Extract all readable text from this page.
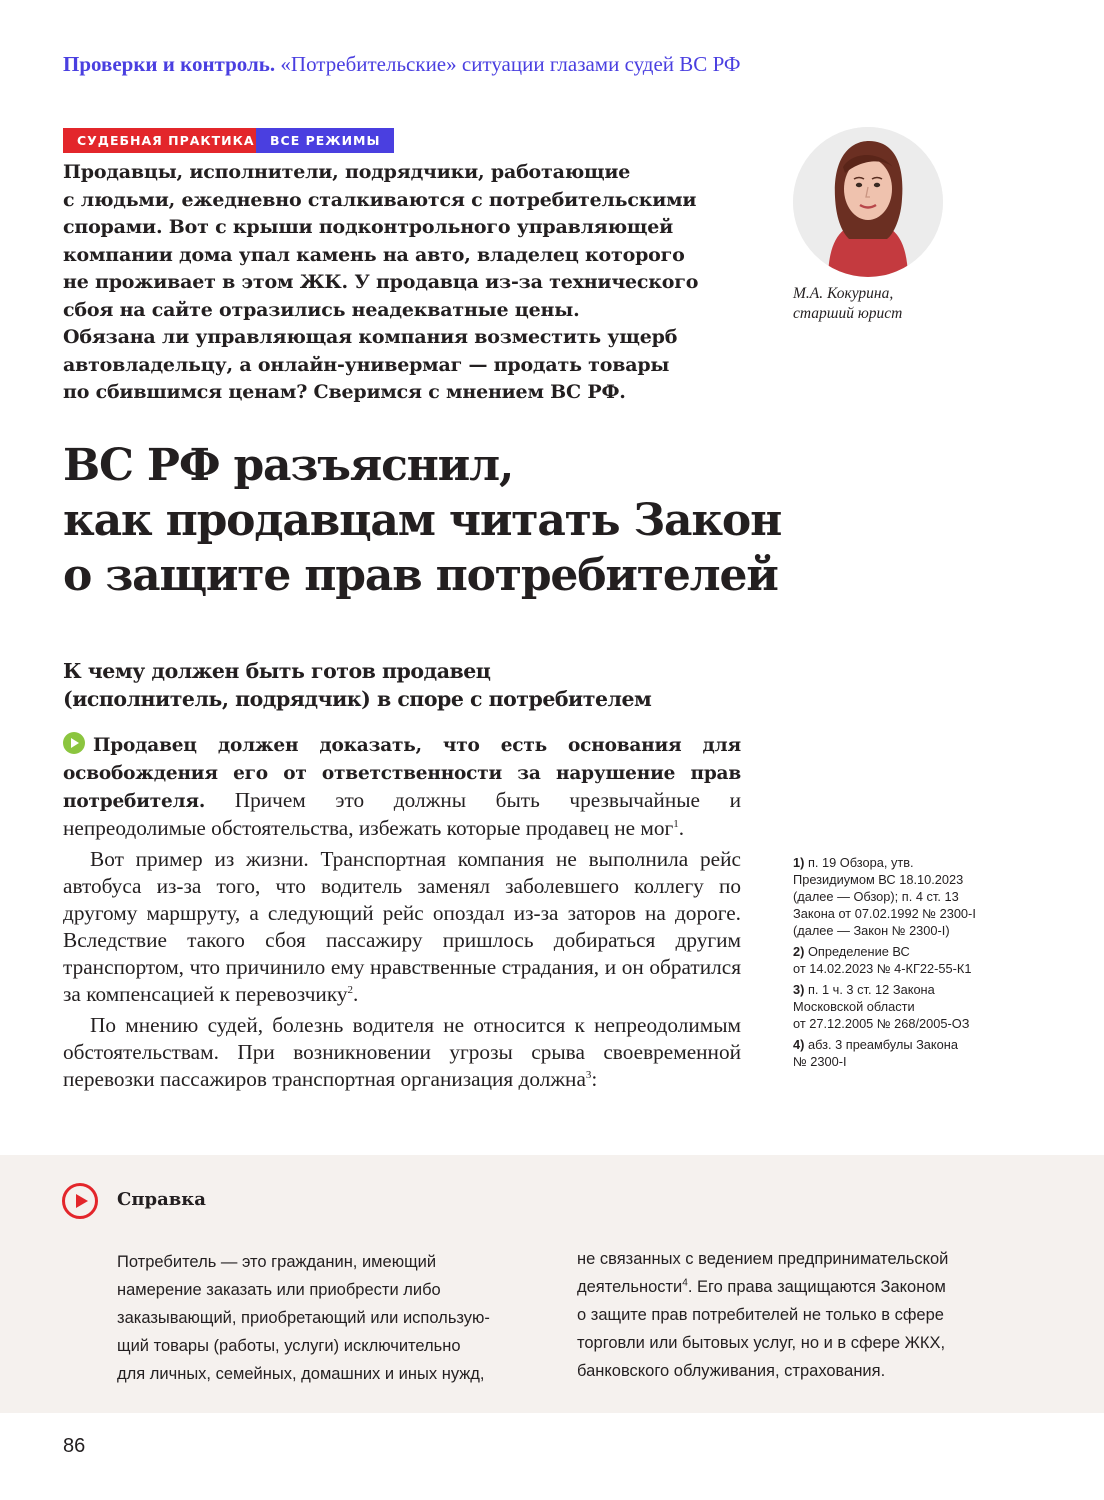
Проверки и контроль. «Потребительские» ситуации глазами судей ВС РФ
СУДЕБНАЯ ПРАКТИКА	ВСЕ РЕЖИМЫ
Продавцы, исполнители, подрядчики, работающие
с людьми, ежедневно сталкиваются с потребительскими
спорами. Вот с крыши подконтрольного управляющей
компании дома упал камень на авто, владелец которого
не проживает в этом ЖК. У продавца из-за технического
сбоя на сайте отразились неадекватные цены.
Обязана ли управляющая компания возместить ущерб
автовладельцу, а онлайн-универмаг — продать товары
по сбившимся ценам? Сверимся с мнением ВС РФ.
М.А. Кокурина,
старший юрист
ВС РФ разъяснил,
как продавцам читать Закон
о защите прав потребителей
К чему должен быть готов продавец
(исполнитель, подрядчик) в споре с потребителем

Продавец должен доказать, что есть основания для освобождения его от ответственности за нарушение прав потребителя. Причем это должны быть чрезвычайные и непреодолимые обстоятельства, избежать которые продавец не мог$^1$.

Вот пример из жизни. Транспортная компания не выполнила рейс автобуса из-за того, что водитель заменял заболевшего коллегу по другому маршруту, а следующий рейс опоздал из-за заторов на дороге. Вследствие такого сбоя пассажиру пришлось добираться другим транспортом, что причинило ему нравственные страдания, и он обратился за компенсацией к перевозчику$^2$.

По мнению судей, болезнь водителя не относится к непреодолимым обстоятельствам. При возникновении угрозы срыва своевременной перевозки пассажиров транспортная организация должна$^3$:

1) п. 19 Обзора, утв.
Президиумом ВС 18.10.2023
(далее — Обзор); п. 4 ст. 13
Закона от 07.02.1992 № 2300-I
(далее — Закон № 2300-I)
2) Определение ВС
от 14.02.2023 № 4-КГ22-55-К1
3) п. 1 ч. 3 ст. 12 Закона
Московской области
от 27.12.2005 № 268/2005-ОЗ
4) абз. 3 преамбулы Закона
№ 2300-I
Справка
Потребитель — это гражданин, имеющий
намерение заказать или приобрести либо
заказывающий, приобретающий или использую-
щий товары (работы, услуги) исключительно
для личных, семейных, домашних и иных нужд,
не связанных с ведением предпринимательской
деятельности$^4$. Его права защищаются Законом
о защите прав потребителей не только в сфере
торговли или бытовых услуг, но и в сфере ЖКХ,
банковского облуживания, страхования.
86
